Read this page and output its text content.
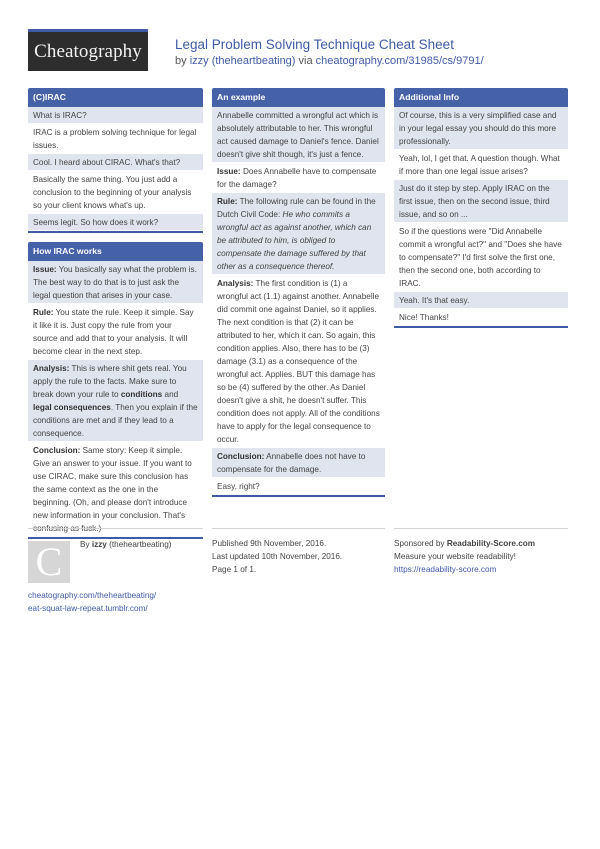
Cheatography Legal Problem Solving Technique Cheat Sheet
by izzy (theheartbeating) via cheatography.com/31985/cs/9791/
(C)IRAC
What is IRAC?
IRAC is a problem solving technique for legal issues.
Cool. I heard about CIRAC. What's that?
Basically the same thing. You just add a conclusion to the beginning of your analysis so your client knows what's up.
Seems legit. So how does it work?
How IRAC works
Issue: You basically say what the problem is. The best way to do that is to just ask the legal question that arises in your case.
Rule: You state the rule. Keep it simple. Say it like it is. Just copy the rule from your source and add that to your analysis. It will become clear in the next step.
Analysis: This is where shit gets real. You apply the rule to the facts. Make sure to break down your rule to conditions and legal consequences. Then you explain if the conditions are met and if they lead to a consequence.
Conclusion: Same story: Keep it simple. Give an answer to your issue. If you want to use CIRAC, make sure this conclusion has the same context as the one in the beginning. (Oh, and please don't introduce new information in your conclusion. That's confusing as fuck.)
An example
Annabelle committed a wrongful act which is absolutely attributable to her. This wrongful act caused damage to Daniel's fence. Daniel doesn't give shit though, it's just a fence.
Issue: Does Annabelle have to compensate for the damage?
Rule: The following rule can be found in the Dutch Civil Code: He who commits a wrongful act as against another, which can be attributed to him, is obliged to compensate the damage suffered by that other as a consequence thereof.
Analysis: The first condition is (1) a wrongful act (1.1) against another. Annabelle did commit one against Daniel, so it applies. The next condition is that (2) it can be attributed to her, which it can. So again, this condition applies. Also, there has to be (3) damage (3.1) as a consequence of the wrongful act. Applies. BUT this damage has so be (4) suffered by the other. As Daniel doesn't give a shit, he doesn't suffer. This condition does not apply. All of the conditions have to apply for the legal consequence to occur.
Conclusion: Annabelle does not have to compensate for the damage.
Easy, right?
Additional Info
Of course, this is a very simplified case and in your legal essay you should do this more professionally.
Yeah, lol, I get that. A question though. What if more than one legal issue arises?
Just do it step by step. Apply IRAC on the first issue, then on the second issue, third issue, and so on ...
So if the questions were "Did Annabelle commit a wrongful act?" and "Does she have to compensate?" I'd first solve the first one, then the second one, both according to IRAC.
Yeah. It's that easy.
Nice! Thanks!
C	By izzy (theheartbeating)
cheatography.com/theheartbeating/
eat-squat-law-repeat.tumblr.com/
Published 9th November, 2016.
Last updated 10th November, 2016.
Page 1 of 1.
Sponsored by Readability-Score.com
Measure your website readability!
https://readability-score.com
